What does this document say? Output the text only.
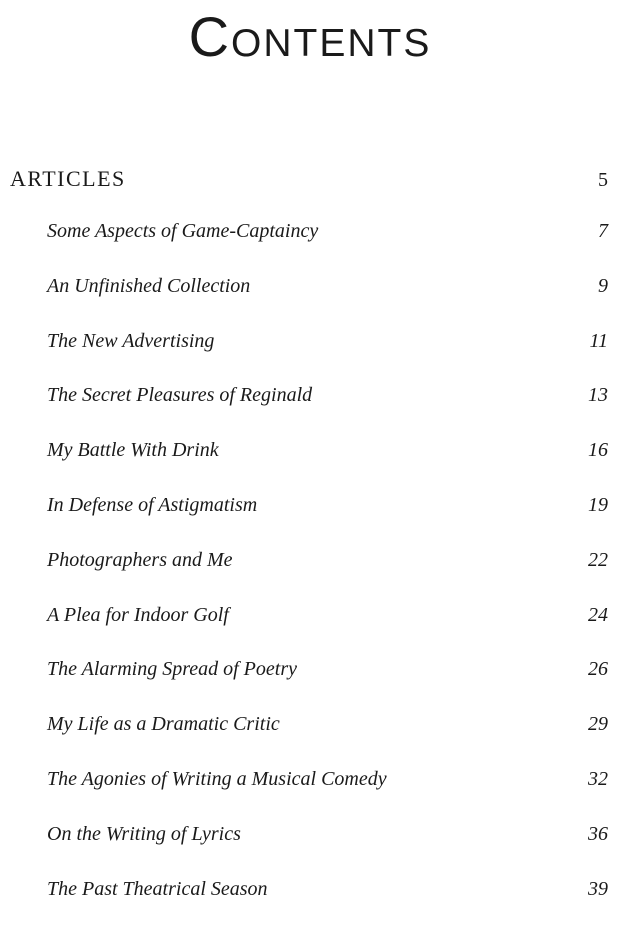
Contents
ARTICLES	5
Some Aspects of Game-Captaincy	7
An Unfinished Collection	9
The New Advertising	11
The Secret Pleasures of Reginald	13
My Battle With Drink	16
In Defense of Astigmatism	19
Photographers and Me	22
A Plea for Indoor Golf	24
The Alarming Spread of Poetry	26
My Life as a Dramatic Critic	29
The Agonies of Writing a Musical Comedy	32
On the Writing of Lyrics	36
The Past Theatrical Season	39
